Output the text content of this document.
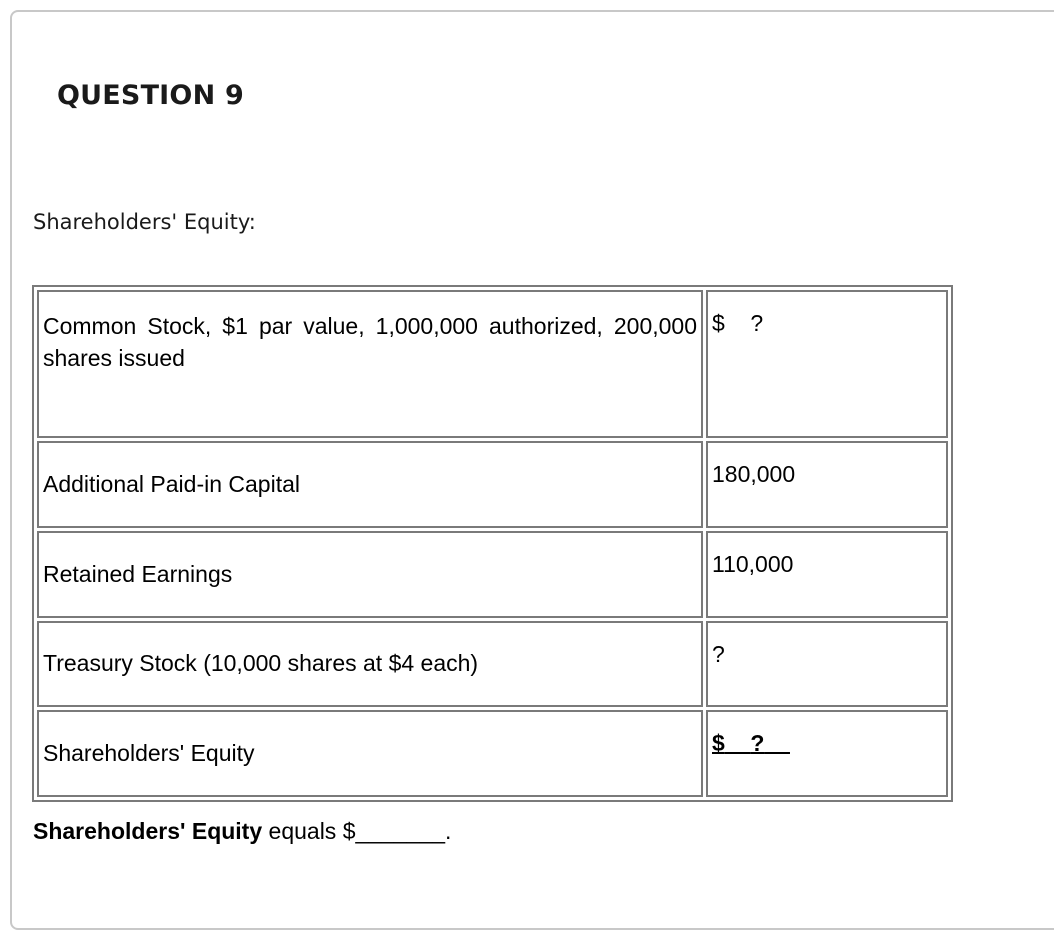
QUESTION 9

Shareholders' Equity:

Common Stock, $1 par value, 1,000,000 authorized, 200,000 shares issued	$    ?
Additional Paid-in Capital	180,000
Retained Earnings	110,000
Treasury Stock (10,000 shares at $4 each)	?
Shareholders' Equity	$ ?

Shareholders' Equity equals $_______.
